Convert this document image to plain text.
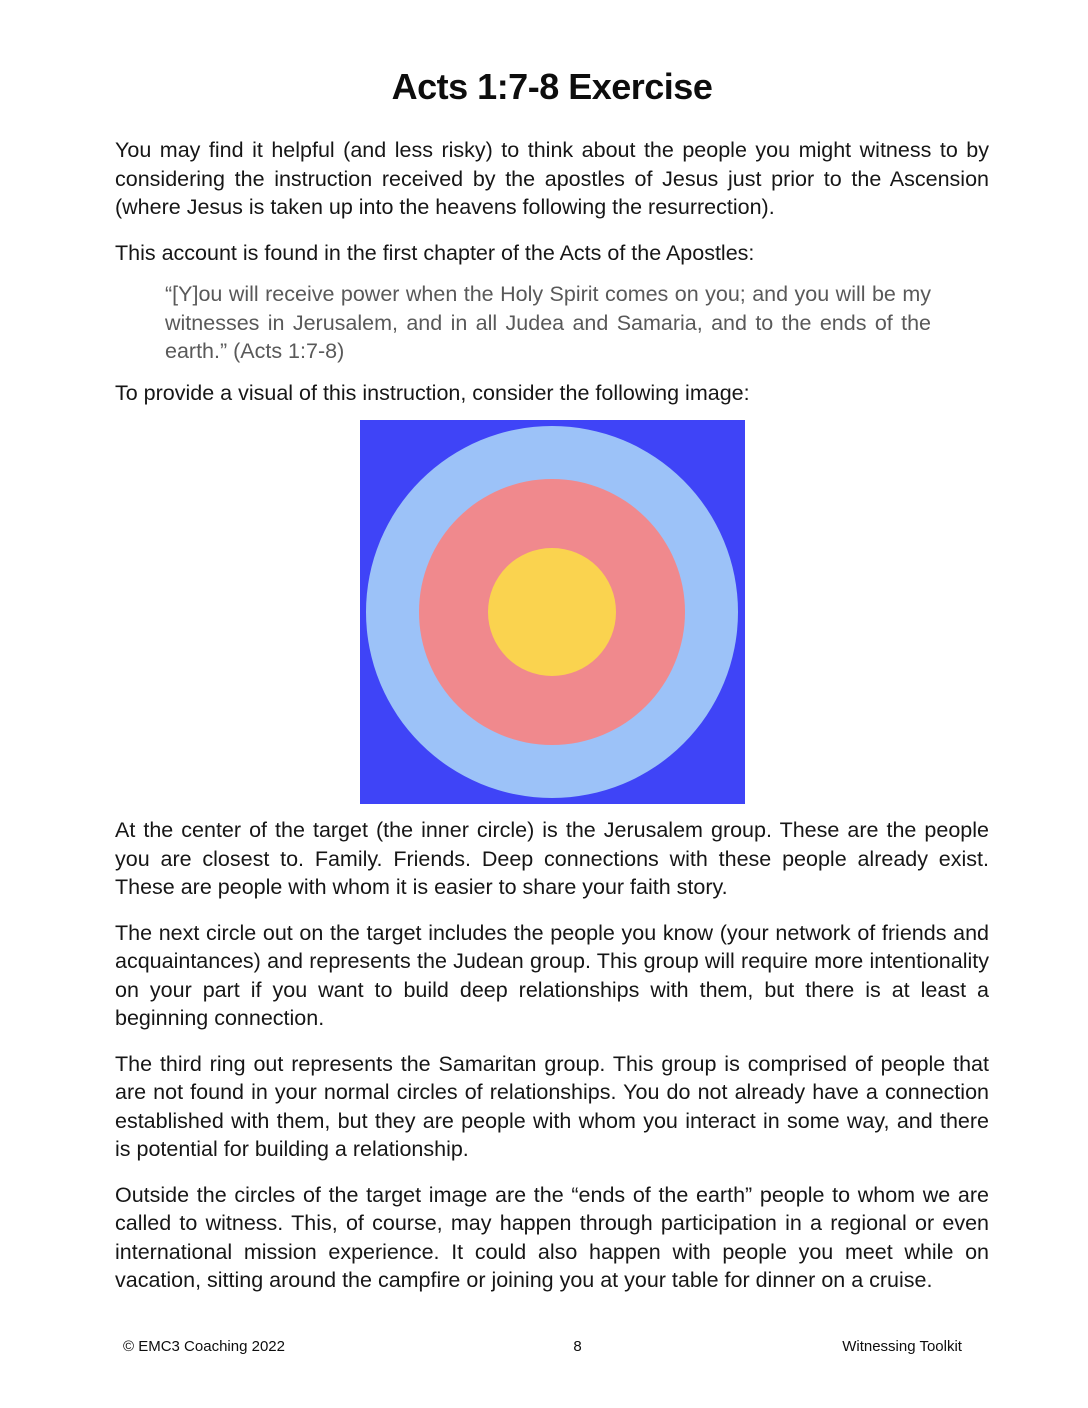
Acts 1:7-8 Exercise

You may find it helpful (and less risky) to think about the people you might witness to by considering the instruction received by the apostles of Jesus just prior to the Ascension (where Jesus is taken up into the heavens following the resurrection).

This account is found in the first chapter of the Acts of the Apostles:

“[Y]ou will receive power when the Holy Spirit comes on you; and you will be my witnesses in Jerusalem, and in all Judea and Samaria, and to the ends of the earth.” (Acts 1:7-8)

To provide a visual of this instruction, consider the following image:

At the center of the target (the inner circle) is the Jerusalem group. These are the people you are closest to. Family. Friends. Deep connections with these people already exist. These are people with whom it is easier to share your faith story.

The next circle out on the target includes the people you know (your network of friends and acquaintances) and represents the Judean group. This group will require more intentionality on your part if you want to build deep relationships with them, but there is at least a beginning connection.

The third ring out represents the Samaritan group. This group is comprised of people that are not found in your normal circles of relationships. You do not already have a connection established with them, but they are people with whom you interact in some way, and there is potential for building a relationship.

Outside the circles of the target image are the “ends of the earth” people to whom we are called to witness. This, of course, may happen through participation in a regional or even international mission experience. It could also happen with people you meet while on vacation, sitting around the campfire or joining you at your table for dinner on a cruise.

© EMC3 Coaching 2022	8	Witnessing Toolkit
